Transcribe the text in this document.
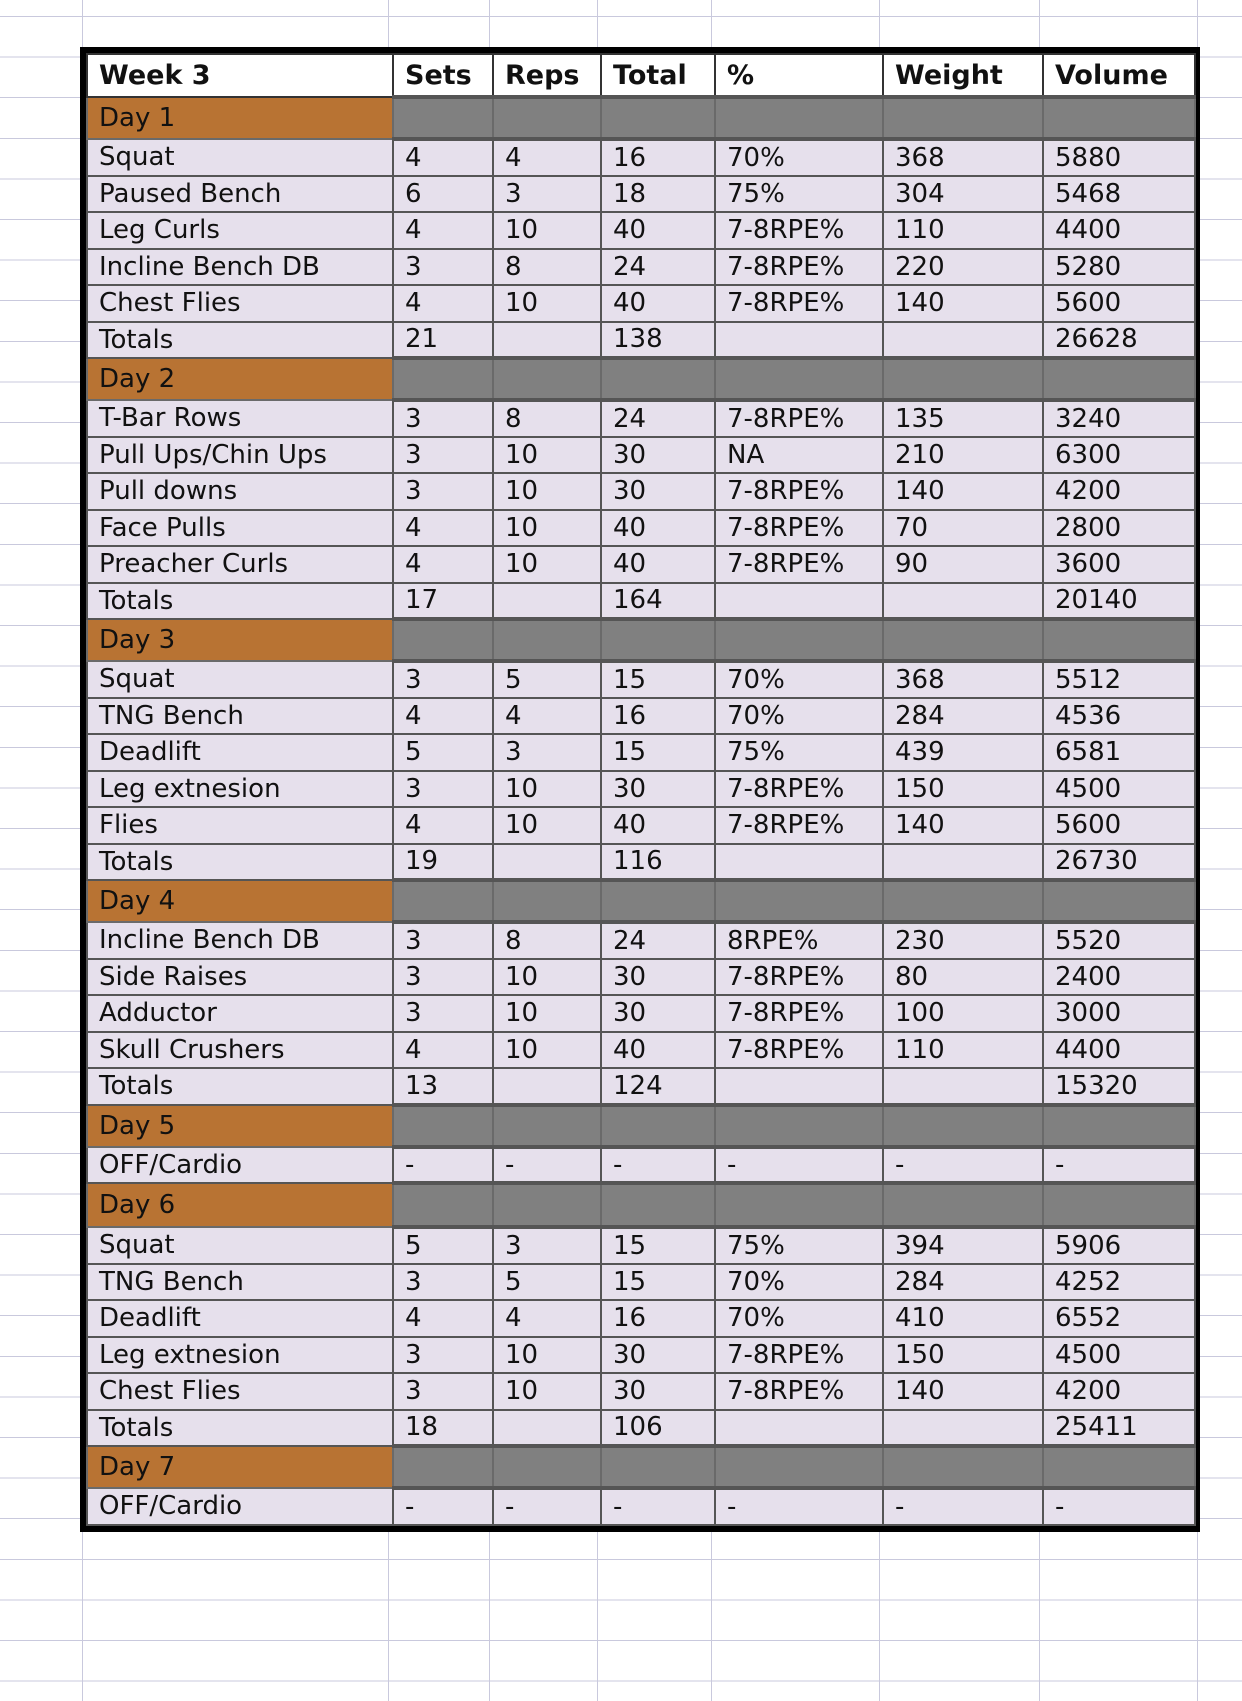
Week 3	Sets	Reps	Total	%	Weight	Volume
Day 1						
Squat	4	4	16	70%	368	5880
Paused Bench	6	3	18	75%	304	5468
Leg Curls	4	10	40	7-8RPE%	110	4400
Incline Bench DB	3	8	24	7-8RPE%	220	5280
Chest Flies	4	10	40	7-8RPE%	140	5600
Totals	21		138			26628
Day 2						
T-Bar Rows	3	8	24	7-8RPE%	135	3240
Pull Ups/Chin Ups	3	10	30	NA	210	6300
Pull downs	3	10	30	7-8RPE%	140	4200
Face Pulls	4	10	40	7-8RPE%	70	2800
Preacher Curls	4	10	40	7-8RPE%	90	3600
Totals	17		164			20140
Day 3						
Squat	3	5	15	70%	368	5512
TNG Bench	4	4	16	70%	284	4536
Deadlift	5	3	15	75%	439	6581
Leg extnesion	3	10	30	7-8RPE%	150	4500
Flies	4	10	40	7-8RPE%	140	5600
Totals	19		116			26730
Day 4						
Incline Bench DB	3	8	24	8RPE%	230	5520
Side Raises	3	10	30	7-8RPE%	80	2400
Adductor	3	10	30	7-8RPE%	100	3000
Skull Crushers	4	10	40	7-8RPE%	110	4400
Totals	13		124			15320
Day 5						
OFF/Cardio	-	-	-	-	-	-
Day 6						
Squat	5	3	15	75%	394	5906
TNG Bench	3	5	15	70%	284	4252
Deadlift	4	4	16	70%	410	6552
Leg extnesion	3	10	30	7-8RPE%	150	4500
Chest Flies	3	10	30	7-8RPE%	140	4200
Totals	18		106			25411
Day 7						
OFF/Cardio	-	-	-	-	-	-
